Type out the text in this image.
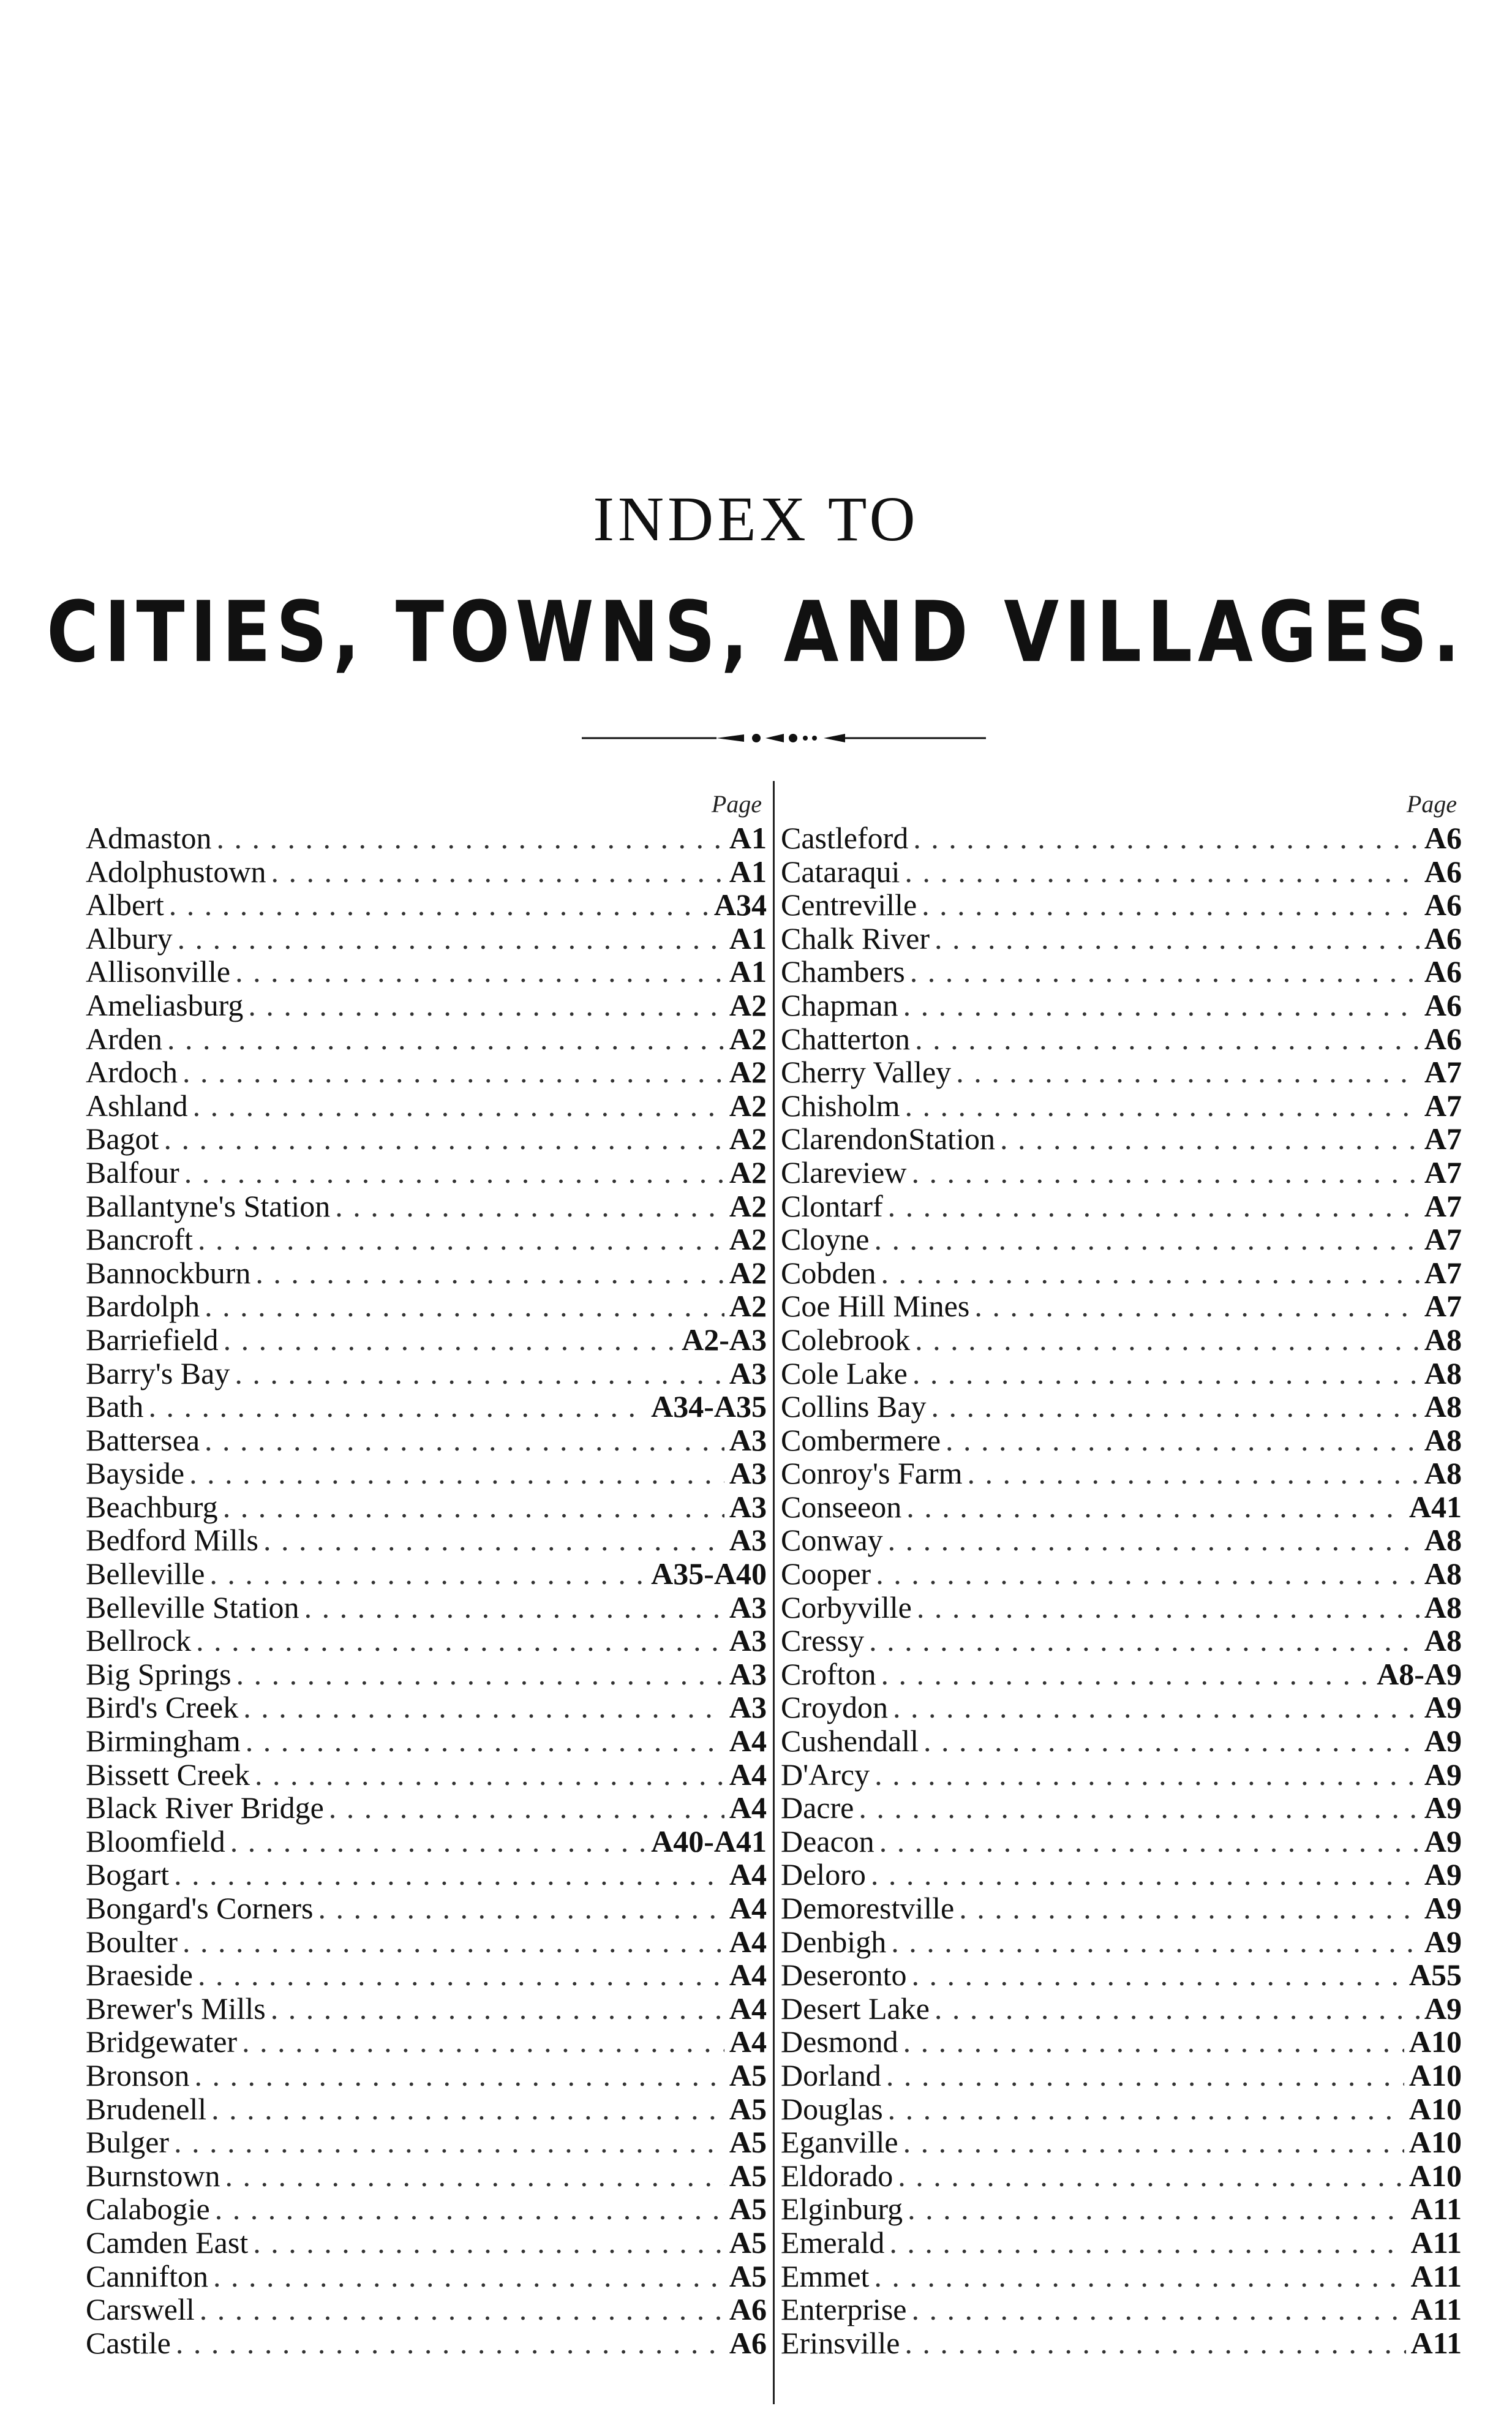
INDEX TO
CITIES, TOWNS, AND VILLAGES.
Page
Admaston . . .	A1
Adolphustown . . .	A1
Albert . . .	A34
Albury . . .	A1
Allisonville . . .	A1
Ameliasburg . . .	A2
Arden . . .	A2
Ardoch . . .	A2
Ashland . . .	A2
Bagot . . .	A2
Balfour . . .	A2
Ballantyne's Station . . .	A2
Bancroft . . .	A2
Bannockburn . . .	A2
Bardolph . . .	A2
Barriefield . . .	A2-A3
Barry's Bay . . .	A3
Bath . . .	A34-A35
Battersea . . .	A3
Bayside . . .	A3
Beachburg . . .	A3
Bedford Mills . . .	A3
Belleville . . .	A35-A40
Belleville Station . . .	A3
Bellrock . . .	A3
Big Springs . . .	A3
Bird's Creek . . .	A3
Birmingham . . .	A4
Bissett Creek . . .	A4
Black River Bridge . . .	A4
Bloomfield . . .	A40-A41
Bogart . . .	A4
Bongard's Corners . . .	A4
Boulter . . .	A4
Braeside . . .	A4
Brewer's Mills . . .	A4
Bridgewater . . .	A4
Bronson . . .	A5
Brudenell . . .	A5
Bulger . . .	A5
Burnstown . . .	A5
Calabogie . . .	A5
Camden East . . .	A5
Cannifton . . .	A5
Carswell . . .	A6
Castile . . .	A6
Page
Castleford . . .	A6
Cataraqui . . .	A6
Centreville . . .	A6
Chalk River . . .	A6
Chambers . . .	A6
Chapman . . .	A6
Chatterton . . .	A6
Cherry Valley . . .	A7
Chisholm . . .	A7
ClarendonStation . . .	A7
Clareview . . .	A7
Clontarf . . .	A7
Cloyne . . .	A7
Cobden . . .	A7
Coe Hill Mines . . .	A7
Colebrook . . .	A8
Cole Lake . . .	A8
Collins Bay . . .	A8
Combermere . . .	A8
Conroy's Farm . . .	A8
Conseeon . . .	A41
Conway . . .	A8
Cooper . . .	A8
Corbyville . . .	A8
Cressy . . .	A8
Crofton . . .	A8-A9
Croydon . . .	A9
Cushendall . . .	A9
D'Arcy . . .	A9
Dacre . . .	A9
Deacon . . .	A9
Deloro . . .	A9
Demorestville . . .	A9
Denbigh . . .	A9
Deseronto . . .	A55
Desert Lake . . .	A9
Desmond . . .	A10
Dorland . . .	A10
Douglas . . .	A10
Eganville . . .	A10
Eldorado . . .	A10
Elginburg . . .	A11
Emerald . . .	A11
Emmet . . .	A11
Enterprise . . .	A11
Erinsville . . .	A11
